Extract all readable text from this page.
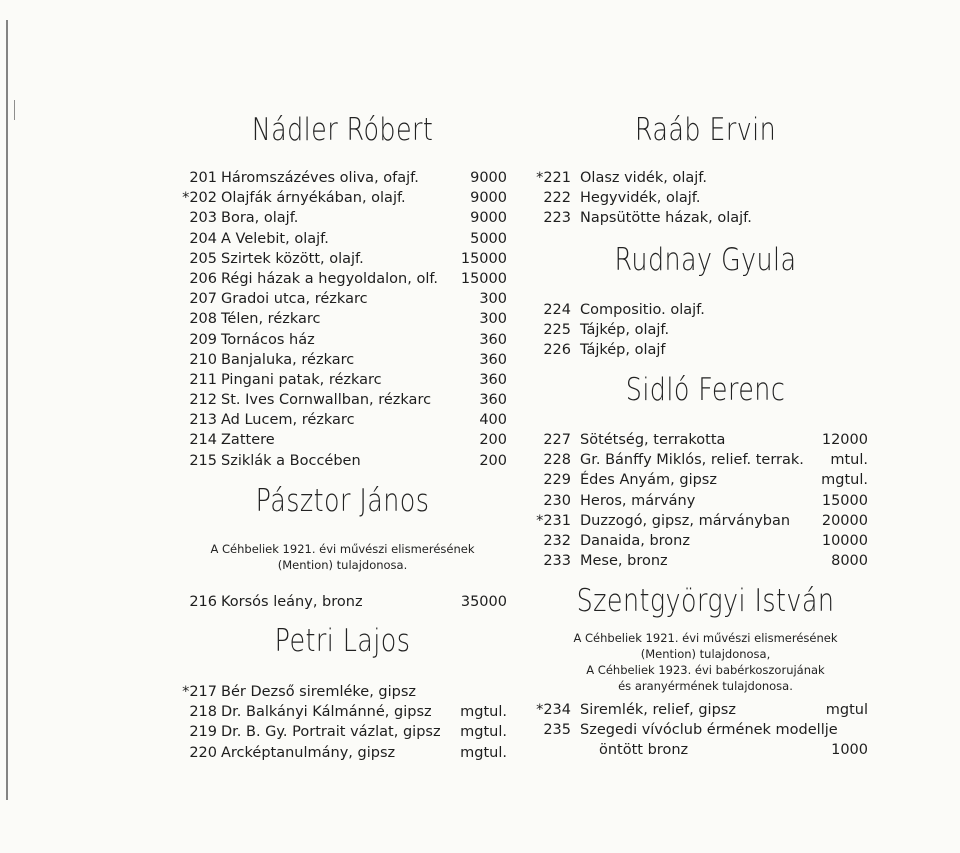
Nádler Róbert
201 Háromszázéves oliva, ofajf.	9000
*202 Olajfák árnyékában, olajf.	9000
203 Bora, olajf.	9000
204 A Velebit, olajf.	5000
205 Szirtek között, olajf.	15000
206 Régi házak a hegyoldalon, olf. 15000
207 Gradoi utca, rézkarc	300
208 Télen, rézkarc	300
209 Tornácos ház	360
210 Banjaluka, rézkarc	360
211 Pingani patak, rézkarc	360
212 St. Ives Cornwallban, rézkarc	360
213 Ad Lucem, rézkarc	400
214 Zattere	200
215 Sziklák a Boccében	200
Pásztor János
A Céhbeliek 1921. évi művészi elismerésének
(Mention) tulajdonosa.
216 Korsós leány, bronz	35000
Petri Lajos
*217 Bér Dezső siremléke, gipsz
218 Dr. Balkányi Kálmánné, gipsz mgtul.
219 Dr. B. Gy. Portrait vázlat, gipsz mgtul.
220 Arcképtanulmány, gipsz	mgtul.
Raáb Ervin
*221 Olasz vidék, olajf.
222 Hegyvidék, olajf.
223 Napsütötte házak, olajf.
Rudnay Gyula
224 Compositio. olajf.
225 Tájkép, olajf.
226 Tájkép, olajf
Sidló Ferenc
227 Sötétség, terrakotta	12000
228 Gr. Bánffy Miklós, relief. terrak. mtul.
229 Édes Anyám, gipsz	mgtul.
230 Heros, márvány	15000
*231 Duzzogó, gipsz, márványban 20000
232 Danaida, bronz	10000
233 Mese, bronz	8000
Szentgyörgyi István
A Céhbeliek 1921. évi művészi elismerésének
(Mention) tulajdonosa,
A Céhbeliek 1923. évi babérkoszorujának
és aranyérmének tulajdonosa.
*234 Siremlék, relief, gipsz	mgtul
235 Szegedi vívóclub érmének modellje
öntött bronz	1000
